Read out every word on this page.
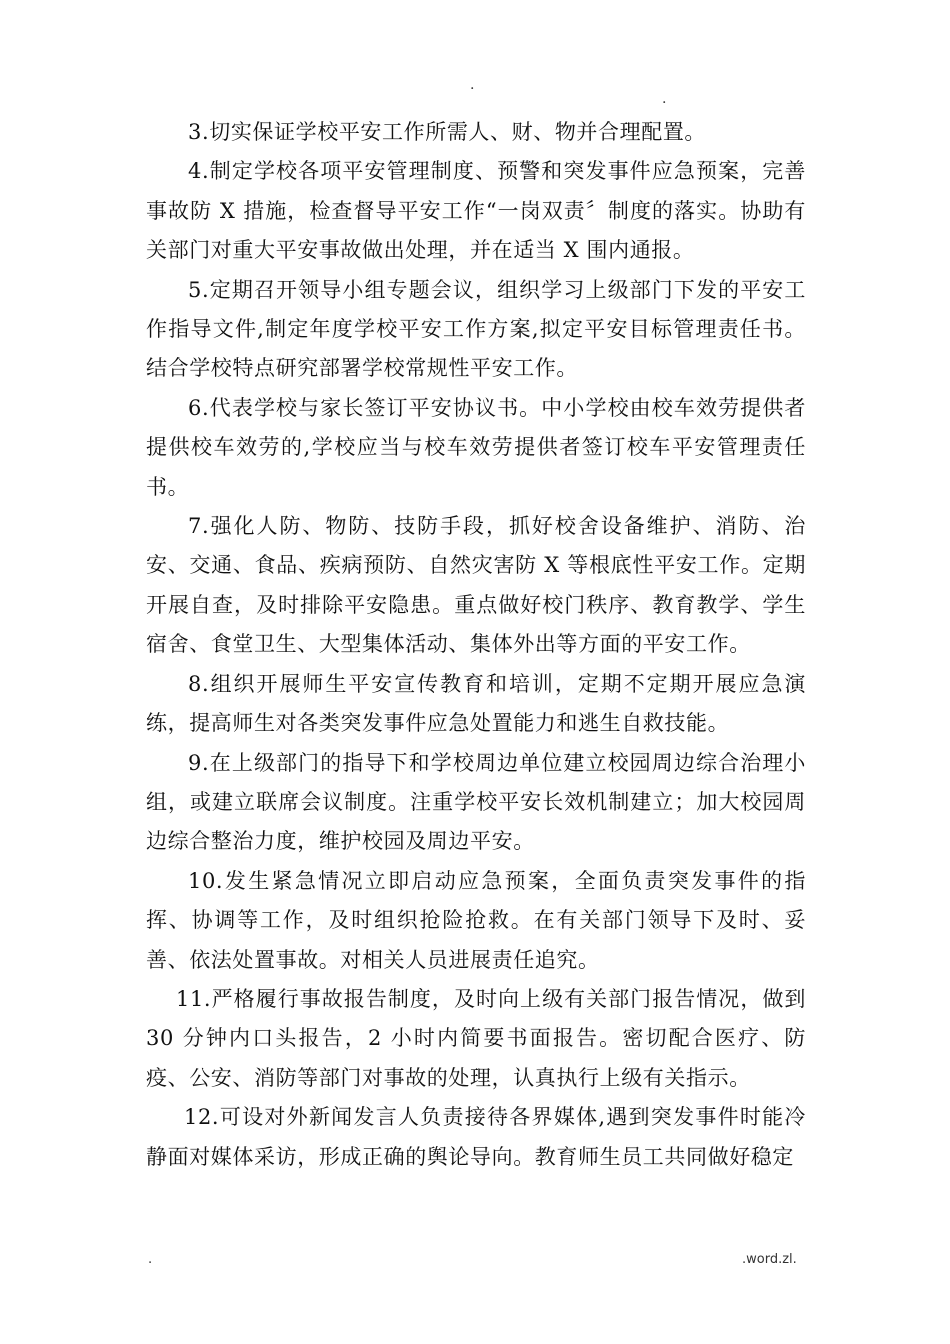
.
.

3.切实保证学校平安工作所需人、财、物并合理配置。

4.制定学校各项平安管理制度、预警和突发事件应急预案，完善事故防 X 措施，检查督导平安工作“一岗双责〞制度的落实。协助有关部门对重大平安事故做出处理，并在适当 X 围内通报。

5.定期召开领导小组专题会议，组织学习上级部门下发的平安工作指导文件,制定年度学校平安工作方案,拟定平安目标管理责任书。结合学校特点研究部署学校常规性平安工作。

6.代表学校与家长签订平安协议书。中小学校由校车效劳提供者提供校车效劳的,学校应当与校车效劳提供者签订校车平安管理责任书。

7.强化人防、物防、技防手段，抓好校舍设备维护、消防、治安、交通、食品、疾病预防、自然灾害防 X 等根底性平安工作。定期开展自查，及时排除平安隐患。重点做好校门秩序、教育教学、学生宿舍、食堂卫生、大型集体活动、集体外出等方面的平安工作。

8.组织开展师生平安宣传教育和培训，定期不定期开展应急演练，提高师生对各类突发事件应急处置能力和逃生自救技能。

9.在上级部门的指导下和学校周边单位建立校园周边综合治理小组，或建立联席会议制度。注重学校平安长效机制建立；加大校园周边综合整治力度，维护校园及周边平安。

10.发生紧急情况立即启动应急预案，全面负责突发事件的指挥、协调等工作，及时组织抢险抢救。在有关部门领导下及时、妥善、依法处置事故。对相关人员进展责任追究。

11.严格履行事故报告制度，及时向上级有关部门报告情况，做到 30 分钟内口头报告，2 小时内简要书面报告。密切配合医疗、防疫、公安、消防等部门对事故的处理，认真执行上级有关指示。

12.可设对外新闻发言人负责接待各界媒体,遇到突发事件时能冷静面对媒体采访，形成正确的舆论导向。教育师生员工共同做好稳定

.	.word.zl.
